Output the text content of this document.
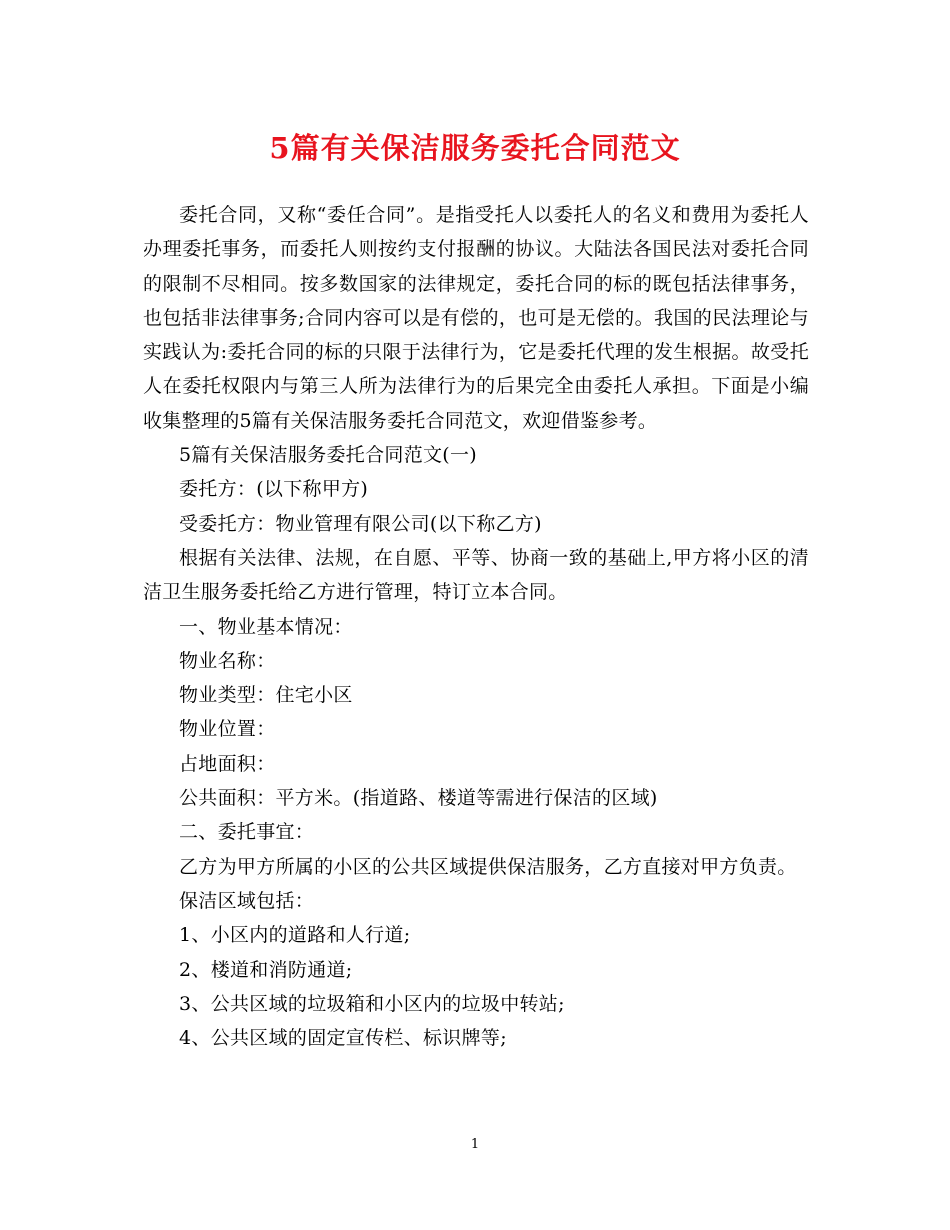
5篇有关保洁服务委托合同范文

委托合同，又称“委任合同”。是指受托人以委托人的名义和费用为委托人办理委托事务，而委托人则按约支付报酬的协议。大陆法各国民法对委托合同的限制不尽相同。按多数国家的法律规定，委托合同的标的既包括法律事务，也包括非法律事务;合同内容可以是有偿的，也可是无偿的。我国的民法理论与实践认为:委托合同的标的只限于法律行为，它是委托代理的发生根据。故受托人在委托权限内与第三人所为法律行为的后果完全由委托人承担。下面是小编收集整理的5篇有关保洁服务委托合同范文，欢迎借鉴参考。

5篇有关保洁服务委托合同范文(一)

委托方：(以下称甲方)

受委托方：物业管理有限公司(以下称乙方)

根据有关法律、法规，在自愿、平等、协商一致的基础上,甲方将小区的清洁卫生服务委托给乙方进行管理，特订立本合同。

一、物业基本情况：

物业名称：

物业类型：住宅小区

物业位置：

占地面积：

公共面积：平方米。(指道路、楼道等需进行保洁的区域)

二、委托事宜：

乙方为甲方所属的小区的公共区域提供保洁服务，乙方直接对甲方负责。

保洁区域包括：

1、小区内的道路和人行道;

2、楼道和消防通道;

3、公共区域的垃圾箱和小区内的垃圾中转站;

4、公共区域的固定宣传栏、标识牌等;

1
